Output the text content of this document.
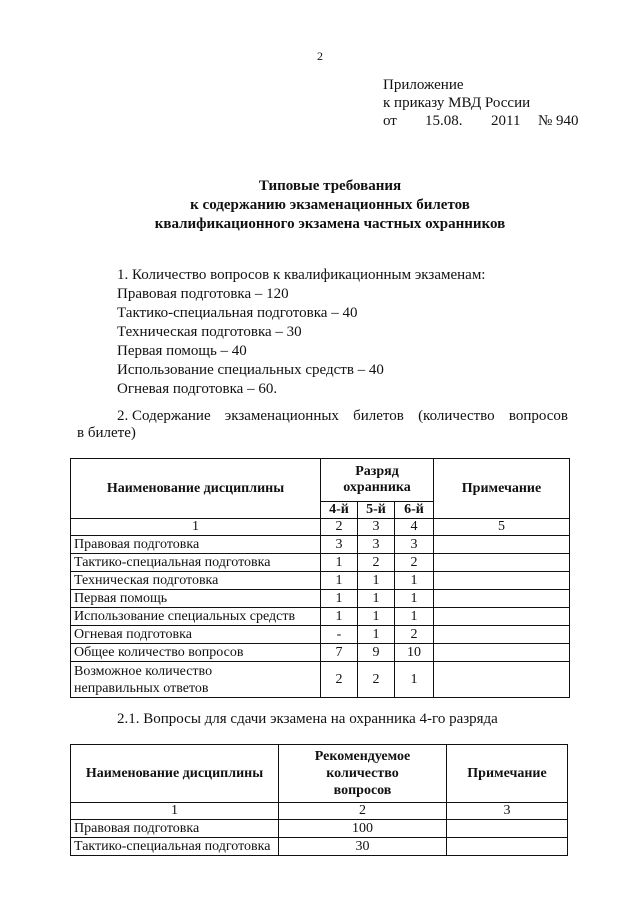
2
Приложение
к приказу МВД России
от 15.08. 2011 № 940
Типовые требования
к содержанию экзаменационных билетов
квалификационного экзамена частных охранников
1. Количество вопросов к квалификационным экзаменам:
Правовая подготовка – 120
Тактико-специальная подготовка – 40
Техническая подготовка – 30
Первая помощь – 40
Использование специальных средств – 40
Огневая подготовка – 60.
2. Содержание экзаменационных билетов (количество вопросов
в билете)
Наименование дисциплины	Разряд
охранника			Примечание
	4-й	5-й	6-й	
1	2	3	4	5
Правовая подготовка	3	3	3	
Тактико-специальная подготовка	1	2	2	
Техническая подготовка	1	1	1	
Первая помощь	1	1	1	
Использование специальных средств	1	1	1	
Огневая подготовка	-	1	2	
Общее количество вопросов	7	9	10	

Возможное количество
неправильных ответов	2	2	1	
2.1. Вопросы для сдачи экзамена на охранника 4-го разряда
Наименование дисциплины	Рекомендуемое
количество
вопросов	Примечание
1	2	3
Правовая подготовка	100	
Тактико-специальная подготовка	30	
